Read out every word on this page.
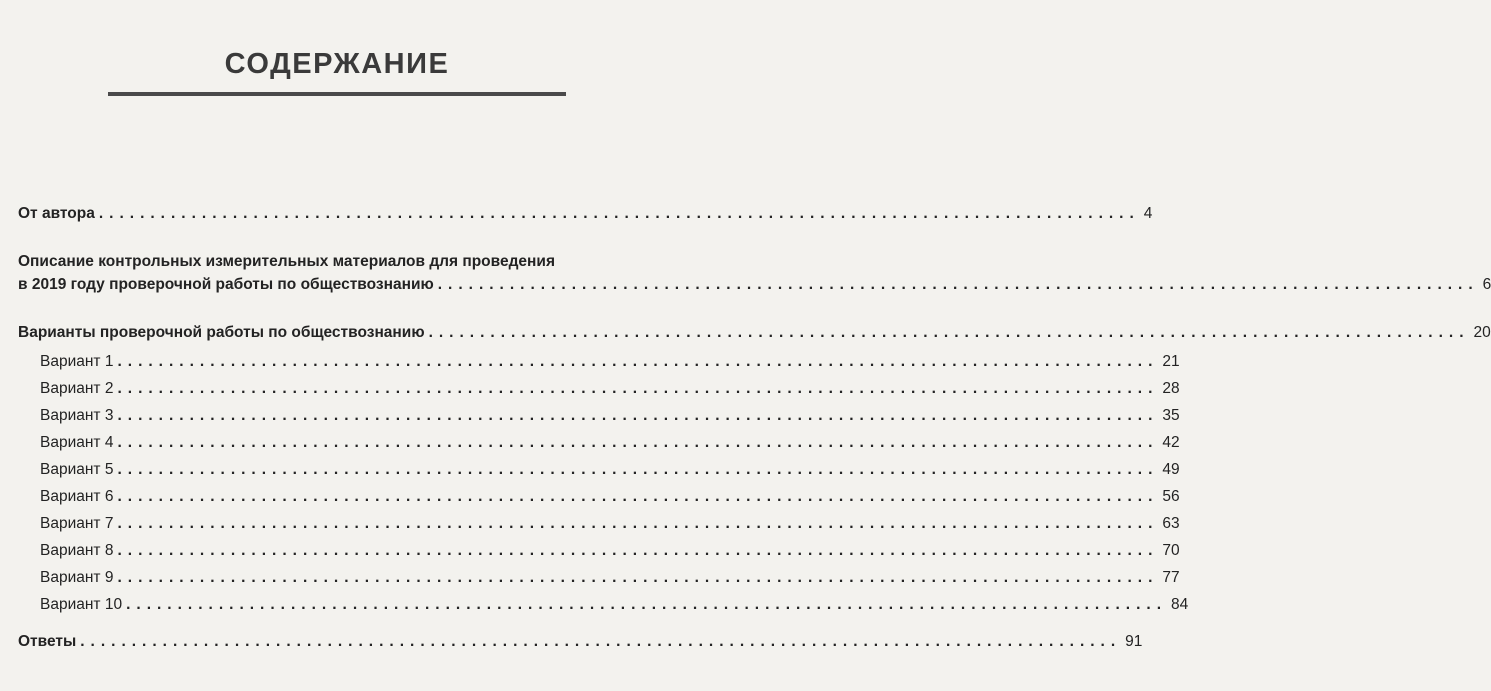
СОДЕРЖАНИЕ
От автора ..................................................................................................... 4
Описание контрольных измерительных материалов для проведения
в 2019 году проверочной работы по обществознанию ..................................................................................................... 6
Варианты проверочной работы по обществознанию ..................................................................................................... 20
Вариант 1 ..................................................................................................... 21
Вариант 2 ..................................................................................................... 28
Вариант 3 ..................................................................................................... 35
Вариант 4 ..................................................................................................... 42
Вариант 5 ..................................................................................................... 49
Вариант 6 ..................................................................................................... 56
Вариант 7 ..................................................................................................... 63
Вариант 8 ..................................................................................................... 70
Вариант 9 ..................................................................................................... 77
Вариант 10 ..................................................................................................... 84
Ответы ..................................................................................................... 91
